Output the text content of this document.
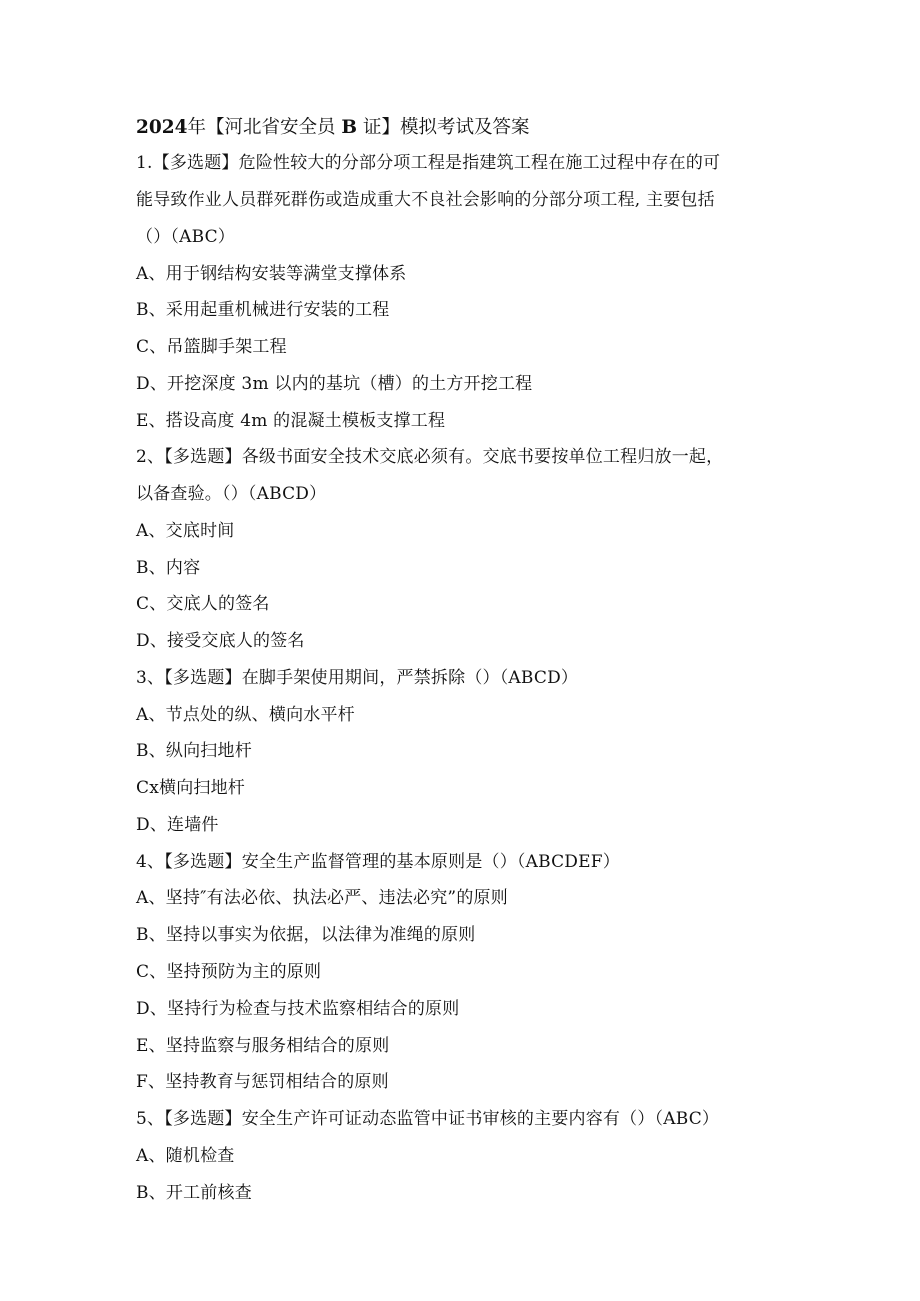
2024年【河北省安全员 B 证】模拟考试及答案
1.【多选题】危险性较大的分部分项工程是指建筑工程在施工过程中存在的可
能导致作业人员群死群伤或造成重大不良社会影响的分部分项工程, 主要包括
（）（ABC）
A、用于钢结构安装等满堂支撑体系
B、采用起重机械进行安装的工程
C、吊篮脚手架工程
D、开挖深度 3m 以内的基坑（槽）的土方开挖工程
E、搭设高度 4m 的混凝土模板支撑工程
2、【多选题】各级书面安全技术交底必须有。交底书要按单位工程归放一起，
以备查验。（）（ABCD）
A、交底时间
B、内容
C、交底人的签名
D、接受交底人的签名
3、【多选题】在脚手架使用期间，严禁拆除（）（ABCD）
A、节点处的纵、横向水平杆
B、纵向扫地杆
Cx横向扫地杆
D、连墙件
4、【多选题】安全生产监督管理的基本原则是（）（ABCDEF）
A、坚持″有法必依、执法必严、违法必究”的原则
B、坚持以事实为依据，以法律为准绳的原则
C、坚持预防为主的原则
D、坚持行为检查与技术监察相结合的原则
E、坚持监察与服务相结合的原则
F、坚持教育与惩罚相结合的原则
5、【多选题】安全生产许可证动态监管中证书审核的主要内容有（）（ABC）
A、随机检查
B、开工前核查
